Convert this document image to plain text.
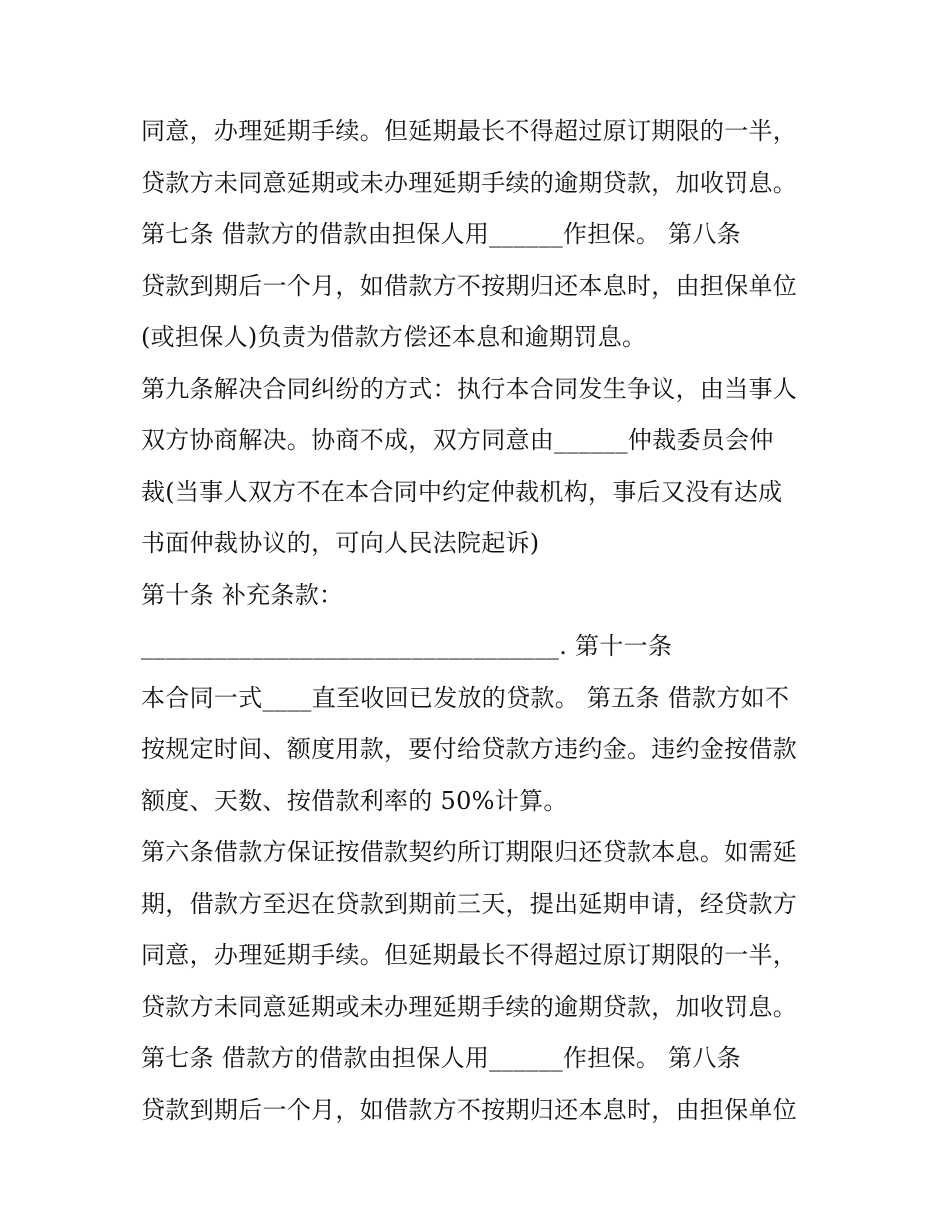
同意，办理延期手续。但延期最长不得超过原订期限的一半，
贷款方未同意延期或未办理延期手续的逾期贷款，加收罚息。
第七条 借款方的借款由担保人用______作担保。 第八条
贷款到期后一个月，如借款方不按期归还本息时，由担保单位
(或担保人)负责为借款方偿还本息和逾期罚息。
第九条解决合同纠纷的方式：执行本合同发生争议，由当事人
双方协商解决。协商不成，双方同意由______仲裁委员会仲
裁(当事人双方不在本合同中约定仲裁机构，事后又没有达成
书面仲裁协议的，可向人民法院起诉)
第十条 补充条款：
__________________________________. 第十一条
本合同一式____直至收回已发放的贷款。 第五条 借款方如不
按规定时间、额度用款，要付给贷款方违约金。违约金按借款
额度、天数、按借款利率的 50%计算。
第六条借款方保证按借款契约所订期限归还贷款本息。如需延
期，借款方至迟在贷款到期前三天，提出延期申请，经贷款方
同意，办理延期手续。但延期最长不得超过原订期限的一半，
贷款方未同意延期或未办理延期手续的逾期贷款，加收罚息。
第七条 借款方的借款由担保人用______作担保。 第八条
贷款到期后一个月，如借款方不按期归还本息时，由担保单位
